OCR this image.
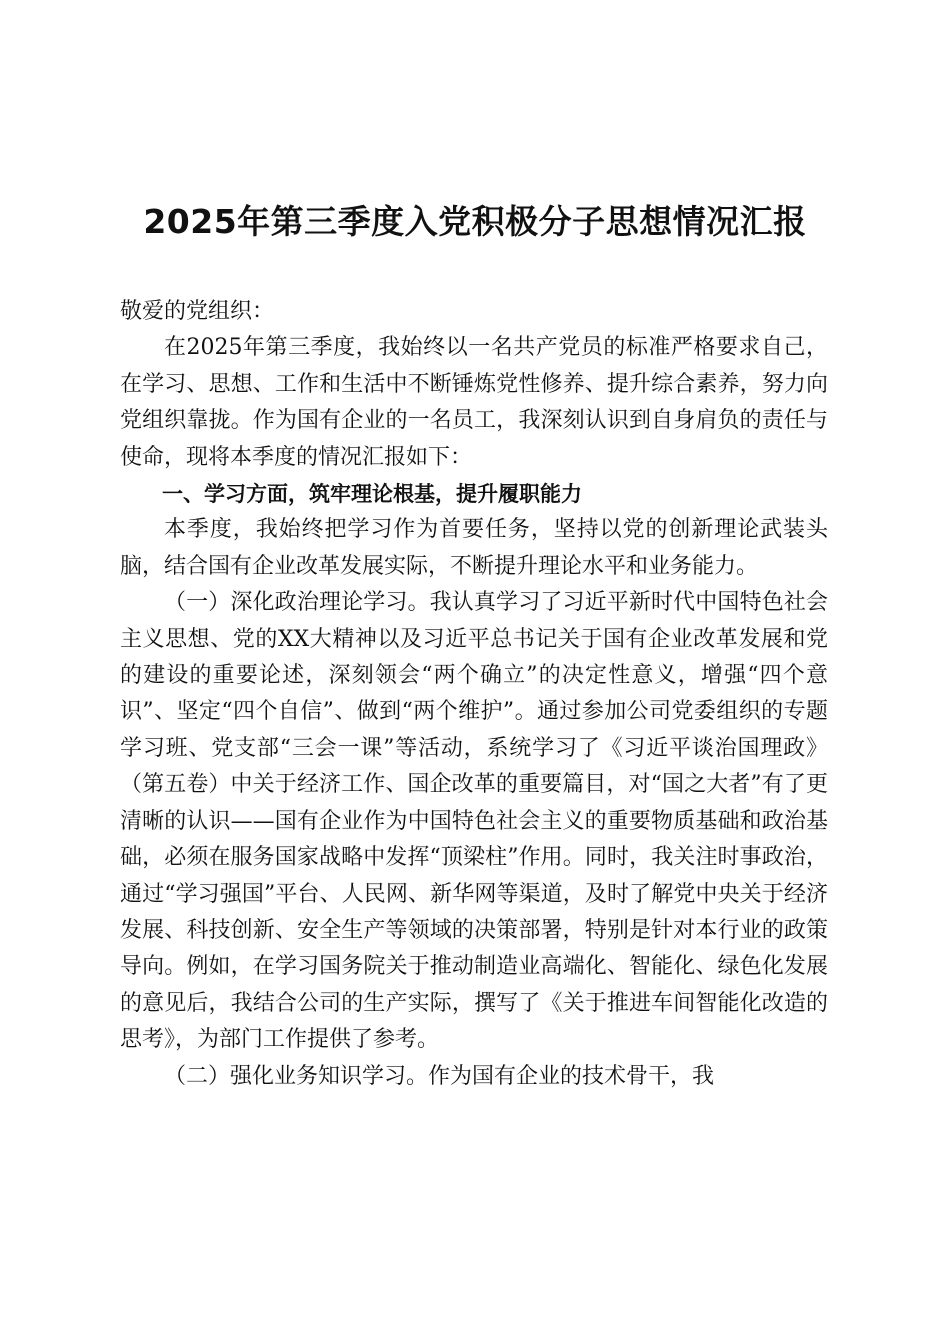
2025年第三季度入党积极分子思想情况汇报

敬爱的党组织：

在2025年第三季度，我始终以一名共产党员的标准严格要求自己，在学习、思想、工作和生活中不断锤炼党性修养、提升综合素养，努力向党组织靠拢。作为国有企业的一名员工，我深刻认识到自身肩负的责任与使命，现将本季度的情况汇报如下：

一、学习方面，筑牢理论根基，提升履职能力

本季度，我始终把学习作为首要任务，坚持以党的创新理论武装头脑，结合国有企业改革发展实际，不断提升理论水平和业务能力。

（一）深化政治理论学习。我认真学习了习近平新时代中国特色社会主义思想、党的XX大精神以及习近平总书记关于国有企业改革发展和党的建设的重要论述，深刻领会“两个确立”的决定性意义，增强“四个意识”、坚定“四个自信”、做到“两个维护”。通过参加公司党委组织的专题学习班、党支部“三会一课”等活动，系统学习了《习近平谈治国理政》（第五卷）中关于经济工作、国企改革的重要篇目，对“国之大者”有了更清晰的认识——国有企业作为中国特色社会主义的重要物质基础和政治基础，必须在服务国家战略中发挥“顶梁柱”作用。同时，我关注时事政治，通过“学习强国”平台、人民网、新华网等渠道，及时了解党中央关于经济发展、科技创新、安全生产等领域的决策部署，特别是针对本行业的政策导向。例如，在学习国务院关于推动制造业高端化、智能化、绿色化发展的意见后，我结合公司的生产实际，撰写了《关于推进车间智能化改造的思考》，为部门工作提供了参考。

（二）强化业务知识学习。作为国有企业的技术骨干，我
